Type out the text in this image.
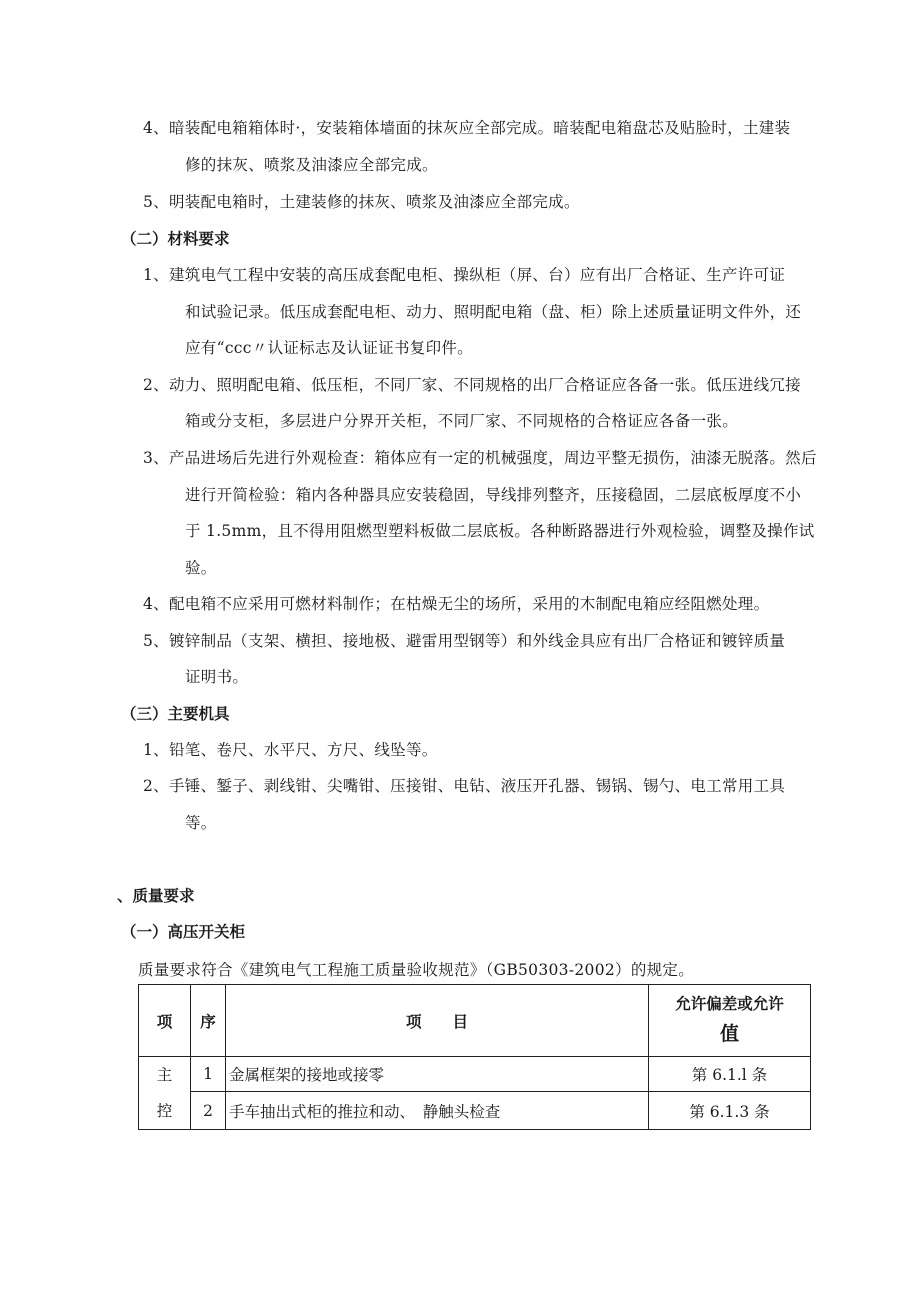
4、暗装配电箱箱体时·，安装箱体墙面的抹灰应全部完成。暗装配电箱盘芯及贴脸时，土建装
修的抹灰、喷浆及油漆应全部完成。
5、明装配电箱时，土建装修的抹灰、喷浆及油漆应全部完成。
（二）材料要求
1、建筑电气工程中安装的高压成套配电柜、操纵柜（屏、台）应有出厂合格证、生产许可证
和试验记录。低压成套配电柜、动力、照明配电箱（盘、柜）除上述质量证明文件外，还
应有“ccc〃认证标志及认证证书复印件。
2、动力、照明配电箱、低压柜，不同厂家、不同规格的出厂合格证应各备一张。低压进线冗接
箱或分支柜，多层进户分界开关柜，不同厂家、不同规格的合格证应各备一张。
3、产品进场后先进行外观检查：箱体应有一定的机械强度，周边平整无损伤，油漆无脱落。然后
进行开简检验：箱内各种器具应安装稳固，导线排列整齐，压接稳固，二层底板厚度不小
于 1.5mm，且不得用阻燃型塑料板做二层底板。各种断路器进行外观检验，调整及操作试
验。
4、配电箱不应采用可燃材料制作；在枯燥无尘的场所，采用的木制配电箱应经阻燃处理。
5、镀锌制品（支架、横担、接地极、避雷用型钢等）和外线金具应有出厂合格证和镀锌质量
证明书。
（三）主要机具
1、铅笔、卷尺、水平尺、方尺、线坠等。
2、手锤、錾子、剥线钳、尖嘴钳、压接钳、电钻、液压开孔器、锡锅、锡勺、电工常用工具
等。
、质量要求
（一）高压开关柜
质量要求符合《建筑电气工程施工质量验收规范》（GB50303-2002）的规定。
项	序	项　　目	允许偏差或允许
值

主
控	1	金属框架的接地或接零	第 6.1.l 条
	2	手车抽出式柜的推拉和动、　静触头检查	第 6.1.3 条
